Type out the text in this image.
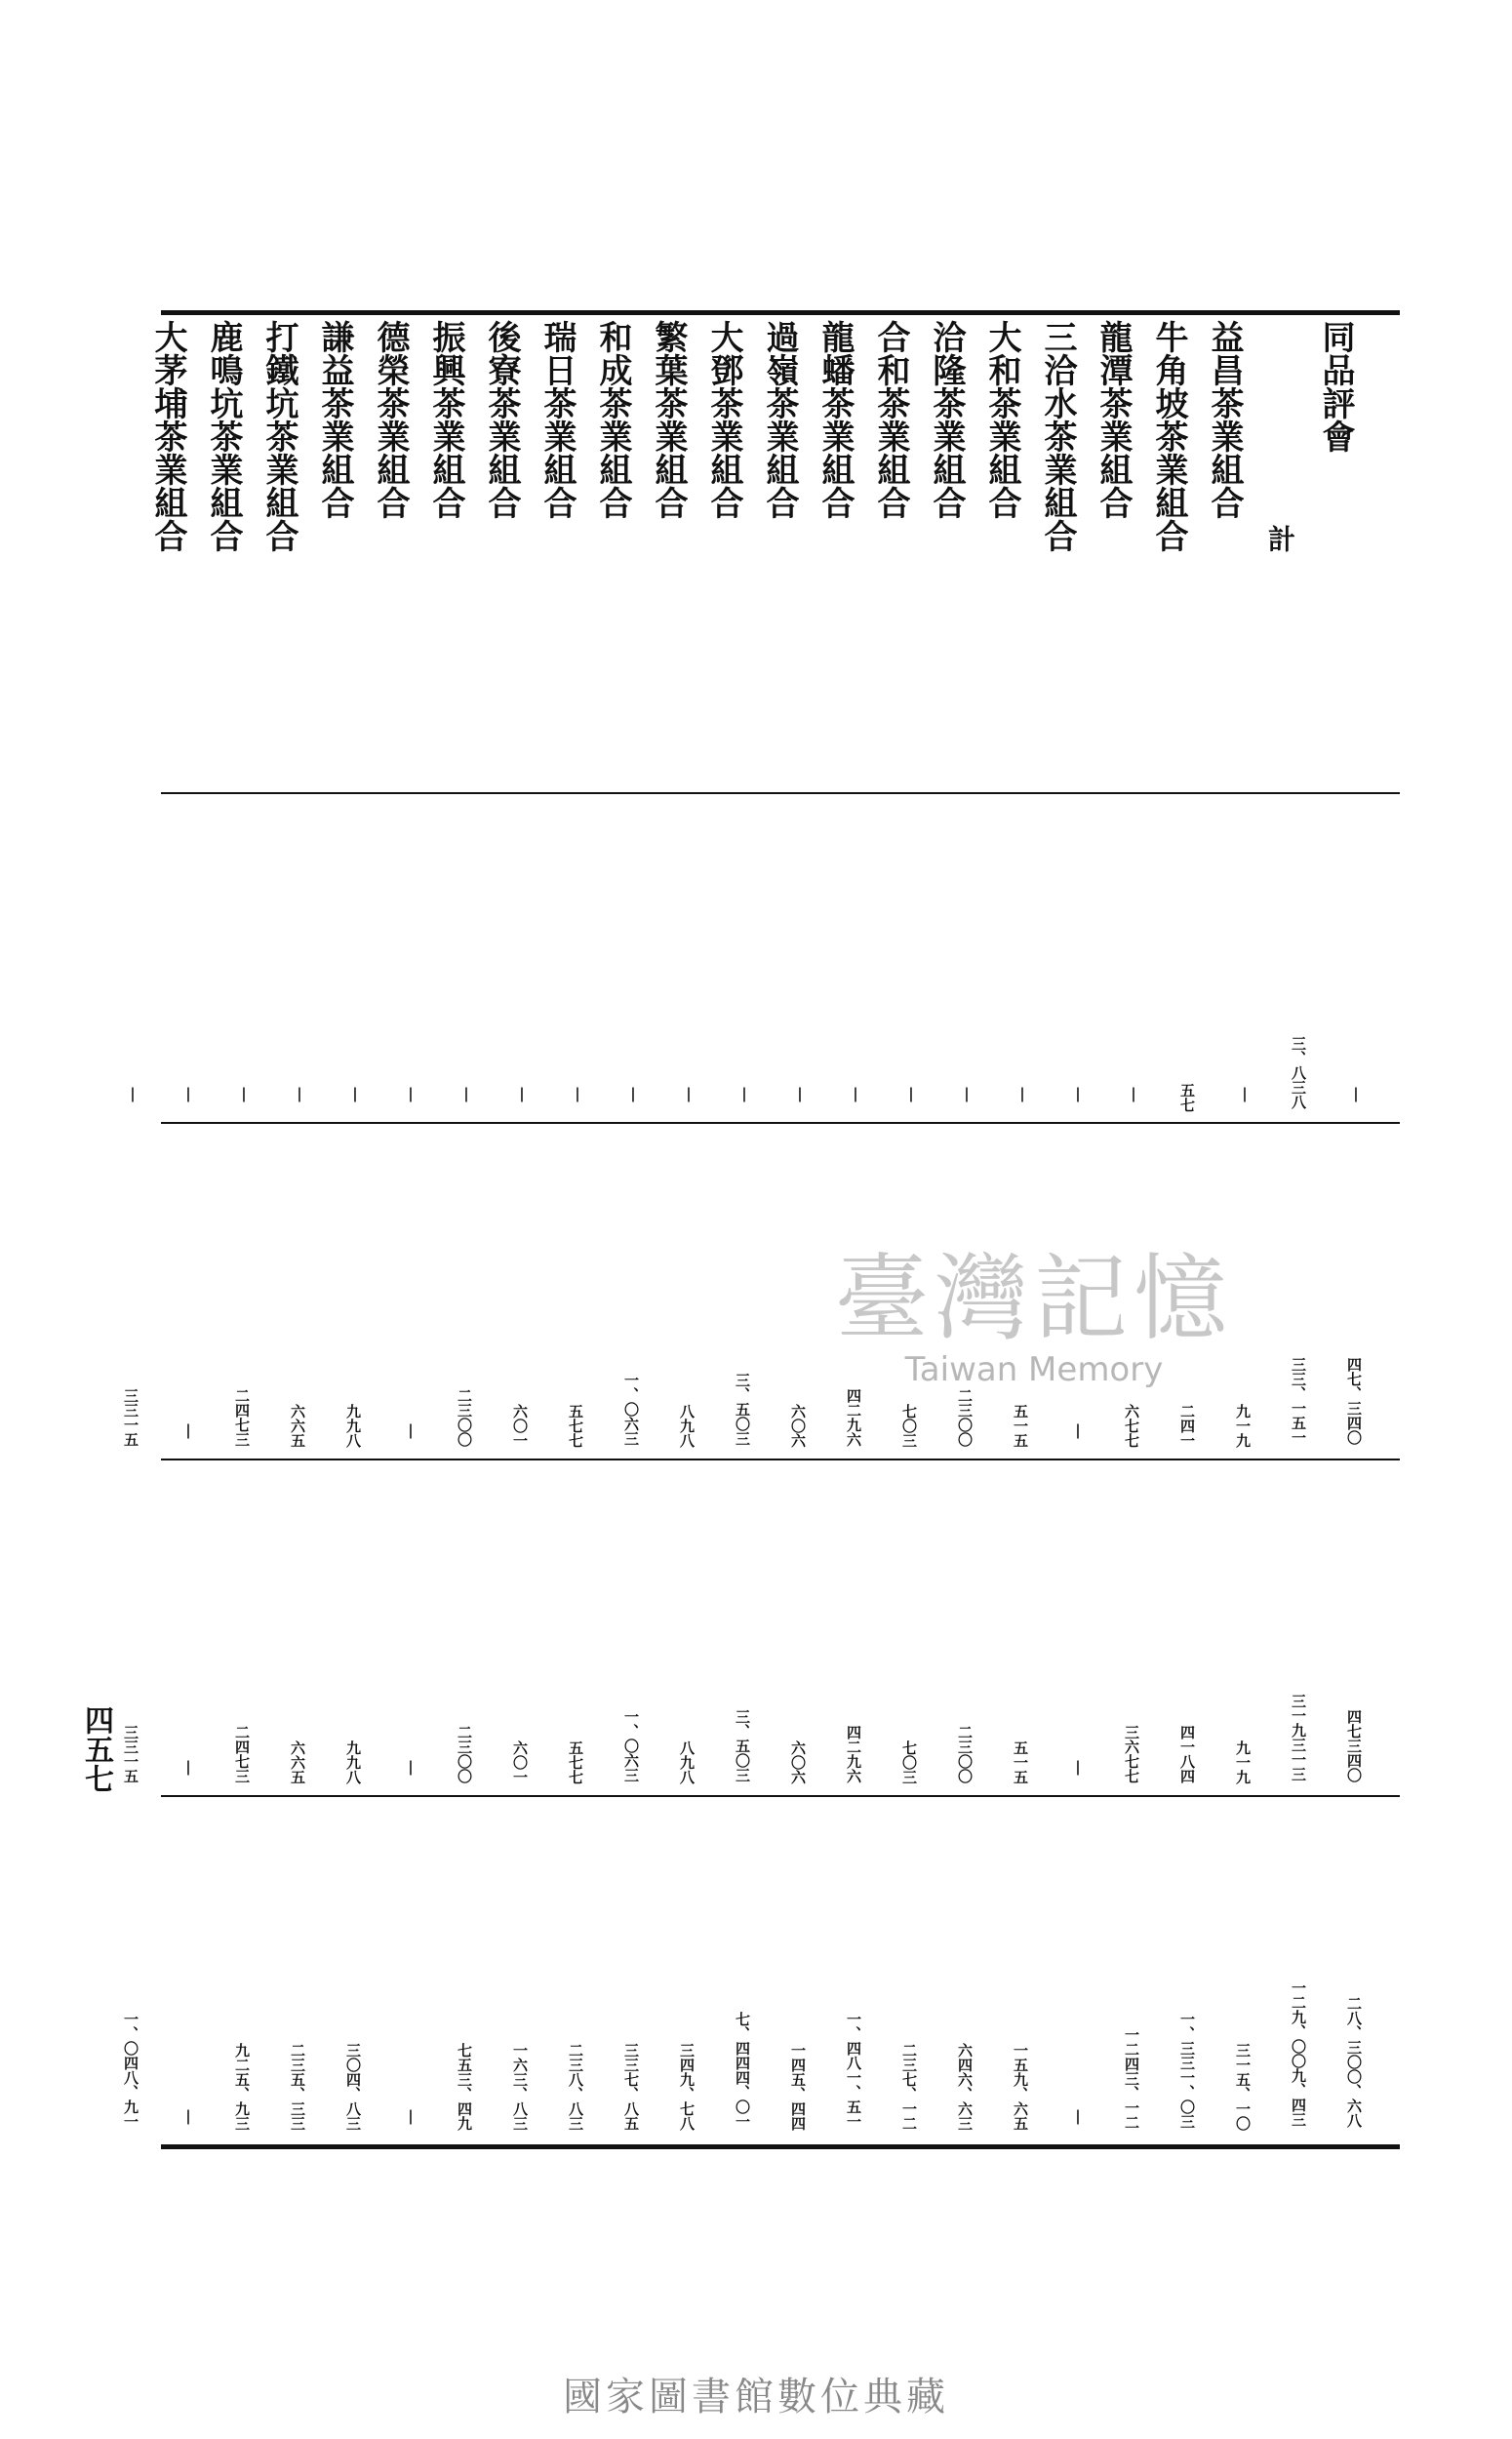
同品評會
計
益昌茶業組合
牛角坡茶業組合
龍潭茶業組合
三洽水茶業組合
大和茶業組合
洽隆茶業組合
合和茶業組合
龍蟠茶業組合
過嶺茶業組合
大鄧茶業組合
繁葉茶業組合
和成茶業組合
瑞日茶業組合
後寮茶業組合
振興茶業組合
德榮茶業組合
謙益茶業組合
打鐵坑茶業組合
鹿鳴坑茶業組合
大茅埔茶業組合
|
四七、三四〇
四七三四〇
二八、三〇〇、六八
三、八三八
三三、一五一
三一九三一三
一二九、〇〇九、四三
|
九一九
九一九
三一五、一〇
五七
二四一
四一八四
一、三三一、〇三
|
六七七
三六七七
一二四三、一二
|
|
|
|
|
五一五
五一五
一五九、六五
|
二三〇〇
二三〇〇
六四六、六三
|
七〇三
七〇三
二三七、一二
|
四二九六
四二九六
一、四八一、五一
|
六〇六
六〇六
一四五、四四
|
三、五〇三
三、五〇三
七、四四四、〇一
|
八九八
八九八
三四九、七八
|
一、〇六三
一、〇六三
三三七、八五
|
五七七
五七七
二三八、八三
|
六〇一
六〇一
一六三、八三
|
二三〇〇
二三〇〇
七五三、四九
|
|
|
|
|
九九八
九九八
三〇四、八三
|
六六五
六六五
二三五、三三
|
二四七三
二四七三
九二五、九三
|
|
|
|
|
三三一五
三三一五
一、〇四八、九一
四五七
臺灣記憶
Taiwan Memory
國家圖書館數位典藏
